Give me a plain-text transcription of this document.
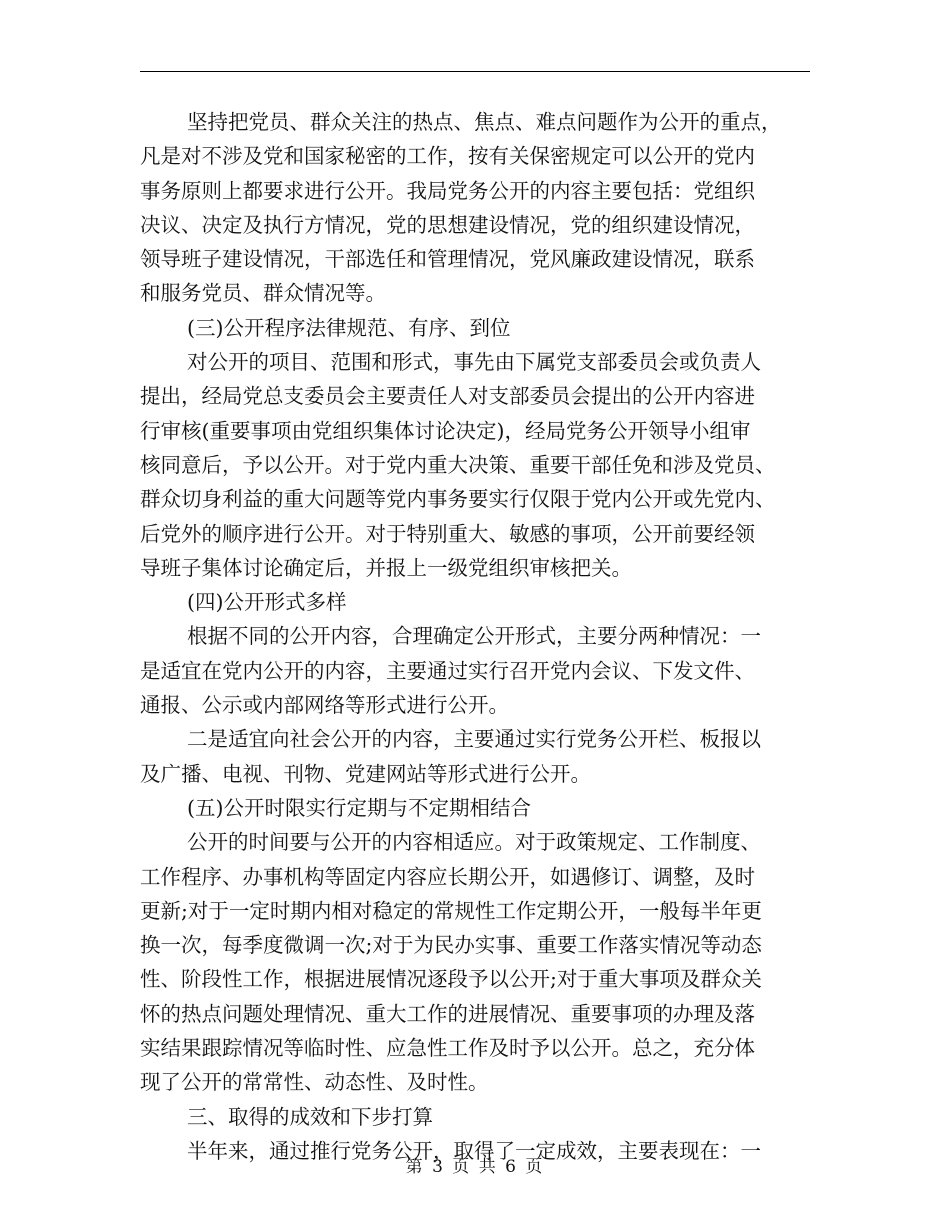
坚持把党员、群众关注的热点、焦点、难点问题作为公开的重点，
凡是对不涉及党和国家秘密的工作，按有关保密规定可以公开的党内
事务原则上都要求进行公开。我局党务公开的内容主要包括：党组织
决议、决定及执行方情况，党的思想建设情况，党的组织建设情况，
领导班子建设情况，干部选任和管理情况，党风廉政建设情况，联系
和服务党员、群众情况等。
(三)公开程序法律规范、有序、到位
对公开的项目、范围和形式，事先由下属党支部委员会或负责人
提出，经局党总支委员会主要责任人对支部委员会提出的公开内容进
行审核(重要事项由党组织集体讨论决定)，经局党务公开领导小组审
核同意后，予以公开。对于党内重大决策、重要干部任免和涉及党员、
群众切身利益的重大问题等党内事务要实行仅限于党内公开或先党内、
后党外的顺序进行公开。对于特别重大、敏感的事项，公开前要经领
导班子集体讨论确定后，并报上一级党组织审核把关。
(四)公开形式多样
根据不同的公开内容，合理确定公开形式，主要分两种情况：一
是适宜在党内公开的内容，主要通过实行召开党内会议、下发文件、
通报、公示或内部网络等形式进行公开。
二是适宜向社会公开的内容，主要通过实行党务公开栏、板报以
及广播、电视、刊物、党建网站等形式进行公开。
(五)公开时限实行定期与不定期相结合
公开的时间要与公开的内容相适应。对于政策规定、工作制度、
工作程序、办事机构等固定内容应长期公开，如遇修订、调整，及时
更新;对于一定时期内相对稳定的常规性工作定期公开，一般每半年更
换一次，每季度微调一次;对于为民办实事、重要工作落实情况等动态
性、阶段性工作，根据进展情况逐段予以公开;对于重大事项及群众关
怀的热点问题处理情况、重大工作的进展情况、重要事项的办理及落
实结果跟踪情况等临时性、应急性工作及时予以公开。总之，充分体
现了公开的常常性、动态性、及时性。
三、取得的成效和下步打算
半年来，通过推行党务公开，取得了一定成效，主要表现在：一
第 3 页 共 6 页
